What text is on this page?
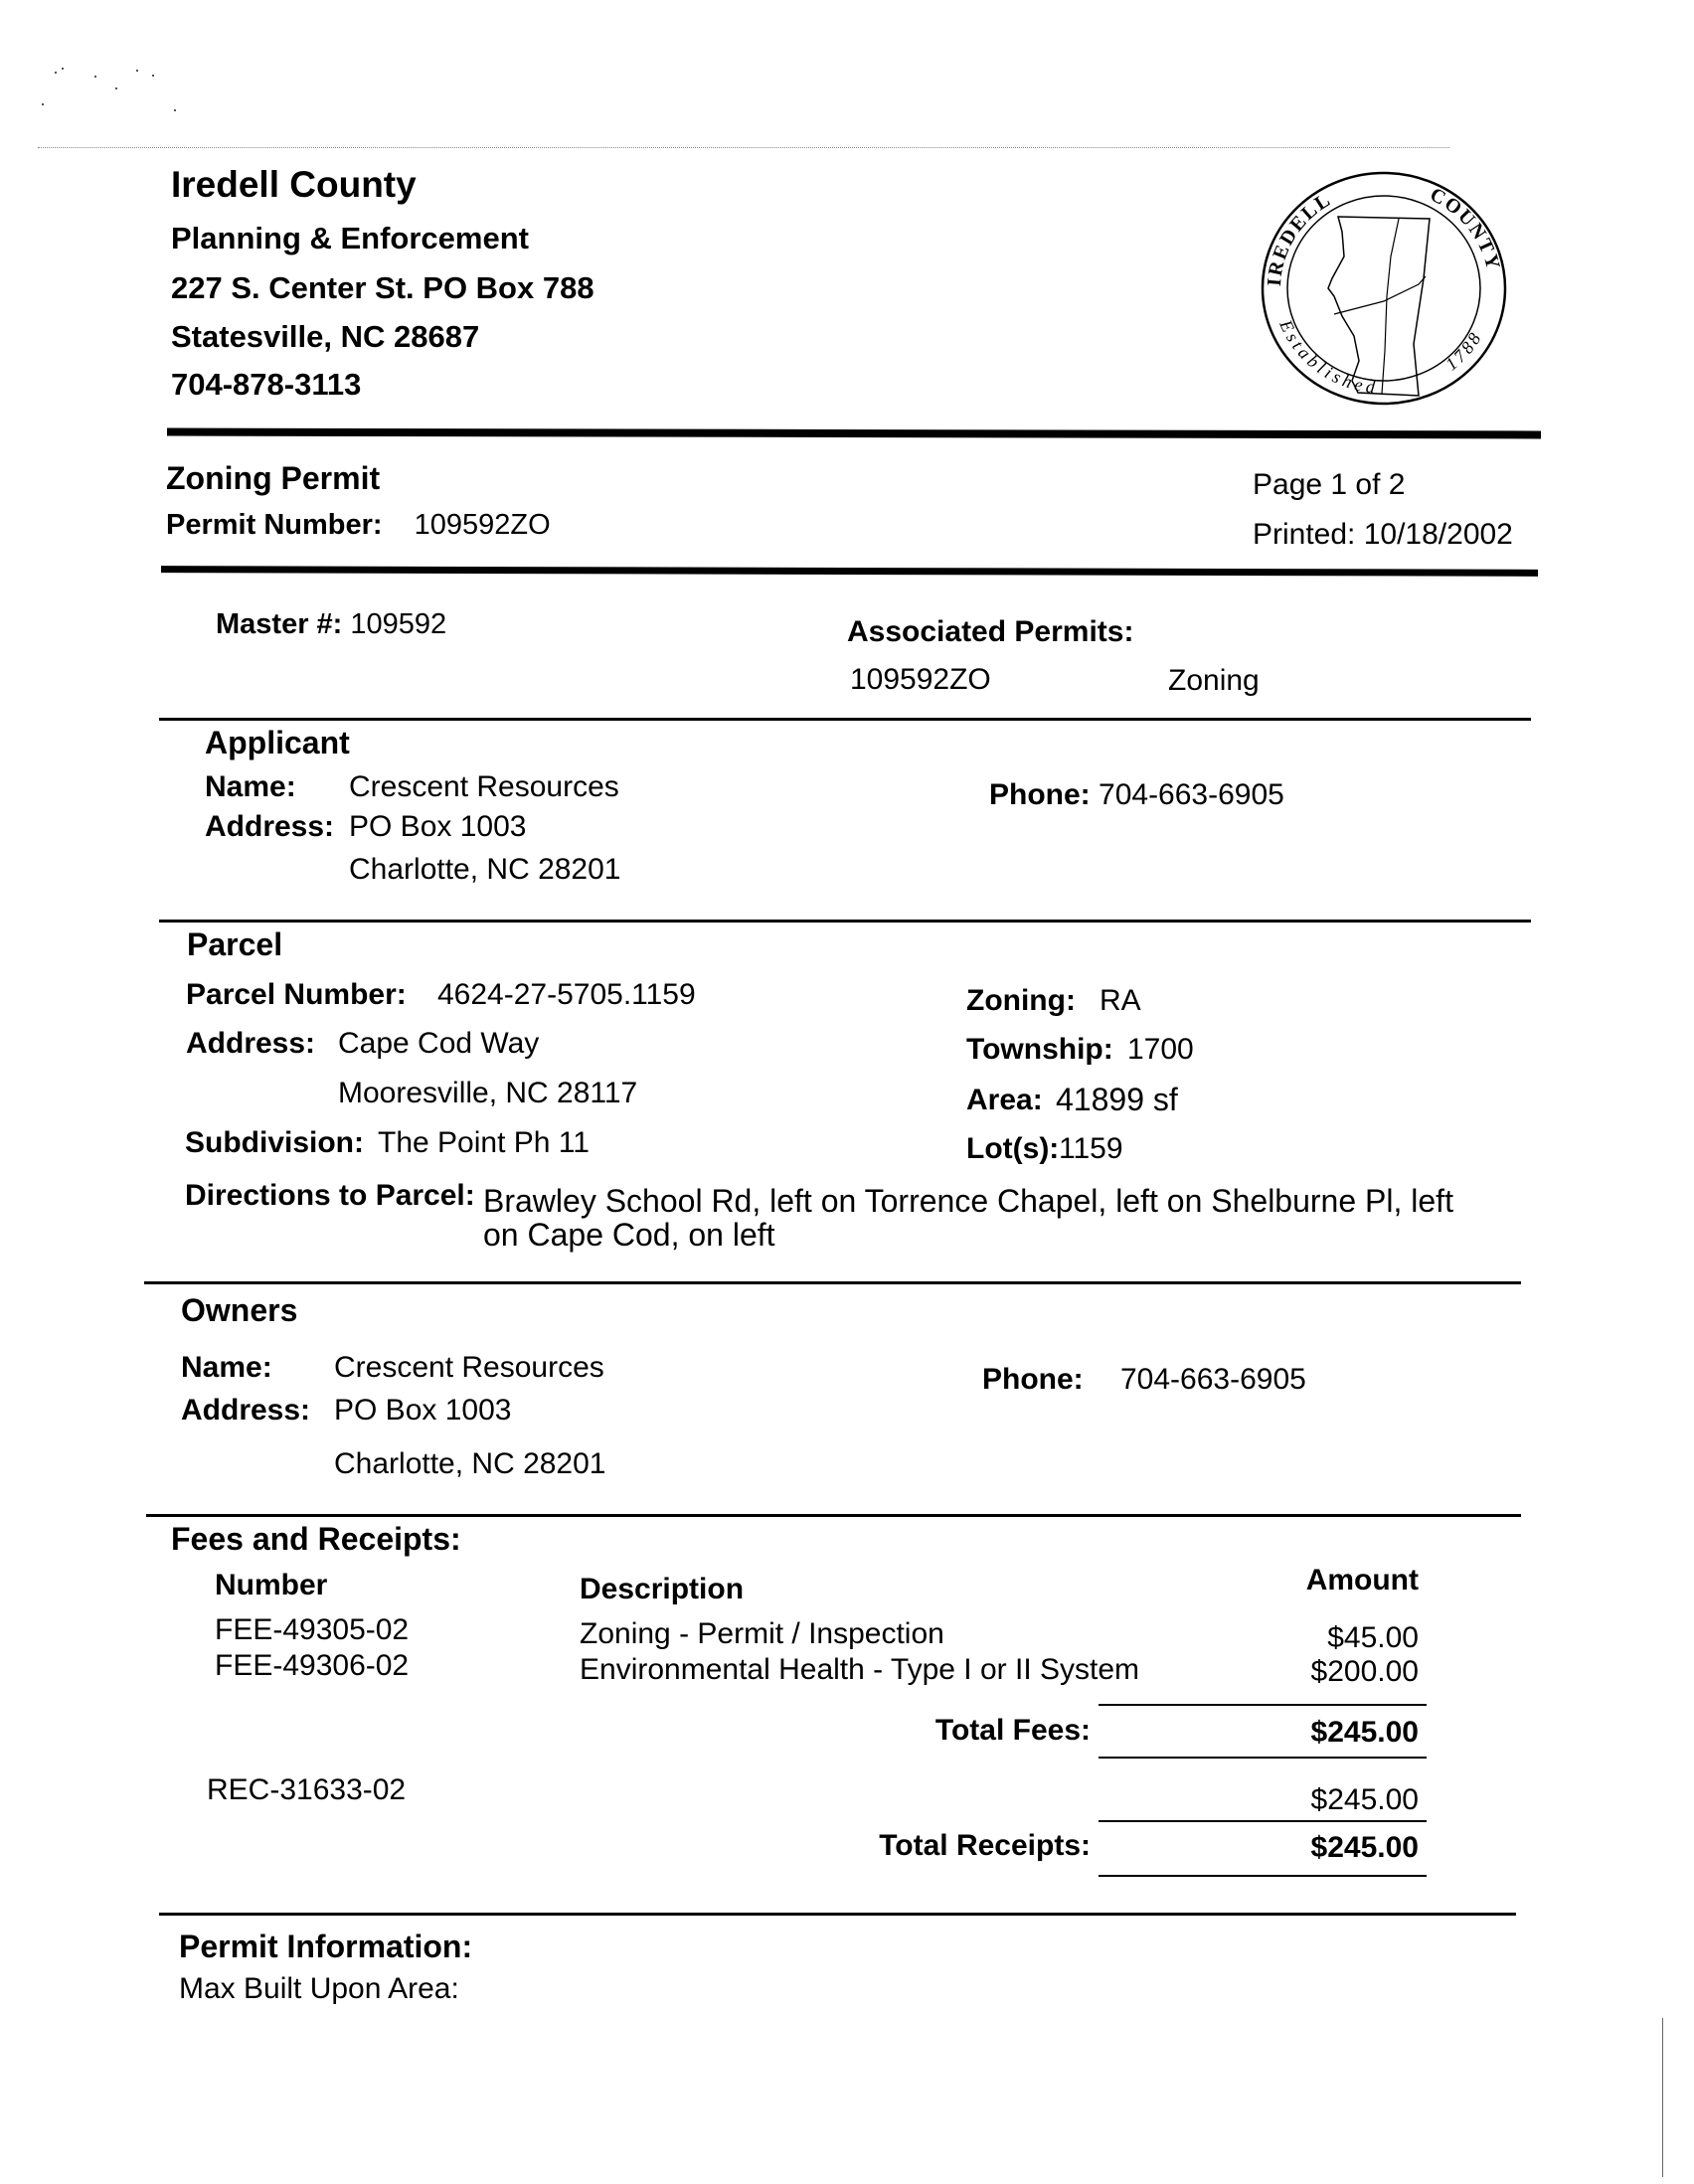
Iredell County
Planning & Enforcement
227 S. Center St. PO Box 788
Statesville, NC 28687
704-878-3113
IREDELL	COUNTY
Established
1788
Zoning Permit
Permit Number: 109592ZO
Page 1 of 2
Printed: 10/18/2002
Master #: 109592	Associated Permits:
109592ZO	Zoning
Applicant
Name: Crescent Resources
Address: PO Box 1003
Charlotte, NC 28201
Phone: 704-663-6905
Parcel
Parcel Number: 4624-27-5705.1159
Address: Cape Cod Way
Mooresville, NC 28117
Subdivision: The Point Ph 11
Zoning: RA
Township: 1700
Area: 41899 sf
Lot(s): 1159
Directions to Parcel: Brawley School Rd, left on Torrence Chapel, left on Shelburne Pl, left
on Cape Cod, on left
Owners
Name: Crescent Resources
Address: PO Box 1003
Charlotte, NC 28201
Phone: 704-663-6905
Fees and Receipts:
Number	Description	Amount
FEE-49305-02	Zoning - Permit / Inspection	$45.00
FEE-49306-02	Environmental Health - Type I or II System	$200.00
Total Fees:	$245.00
REC-31633-02	$245.00
Total Receipts:	$245.00
Permit Information:
Max Built Upon Area:
